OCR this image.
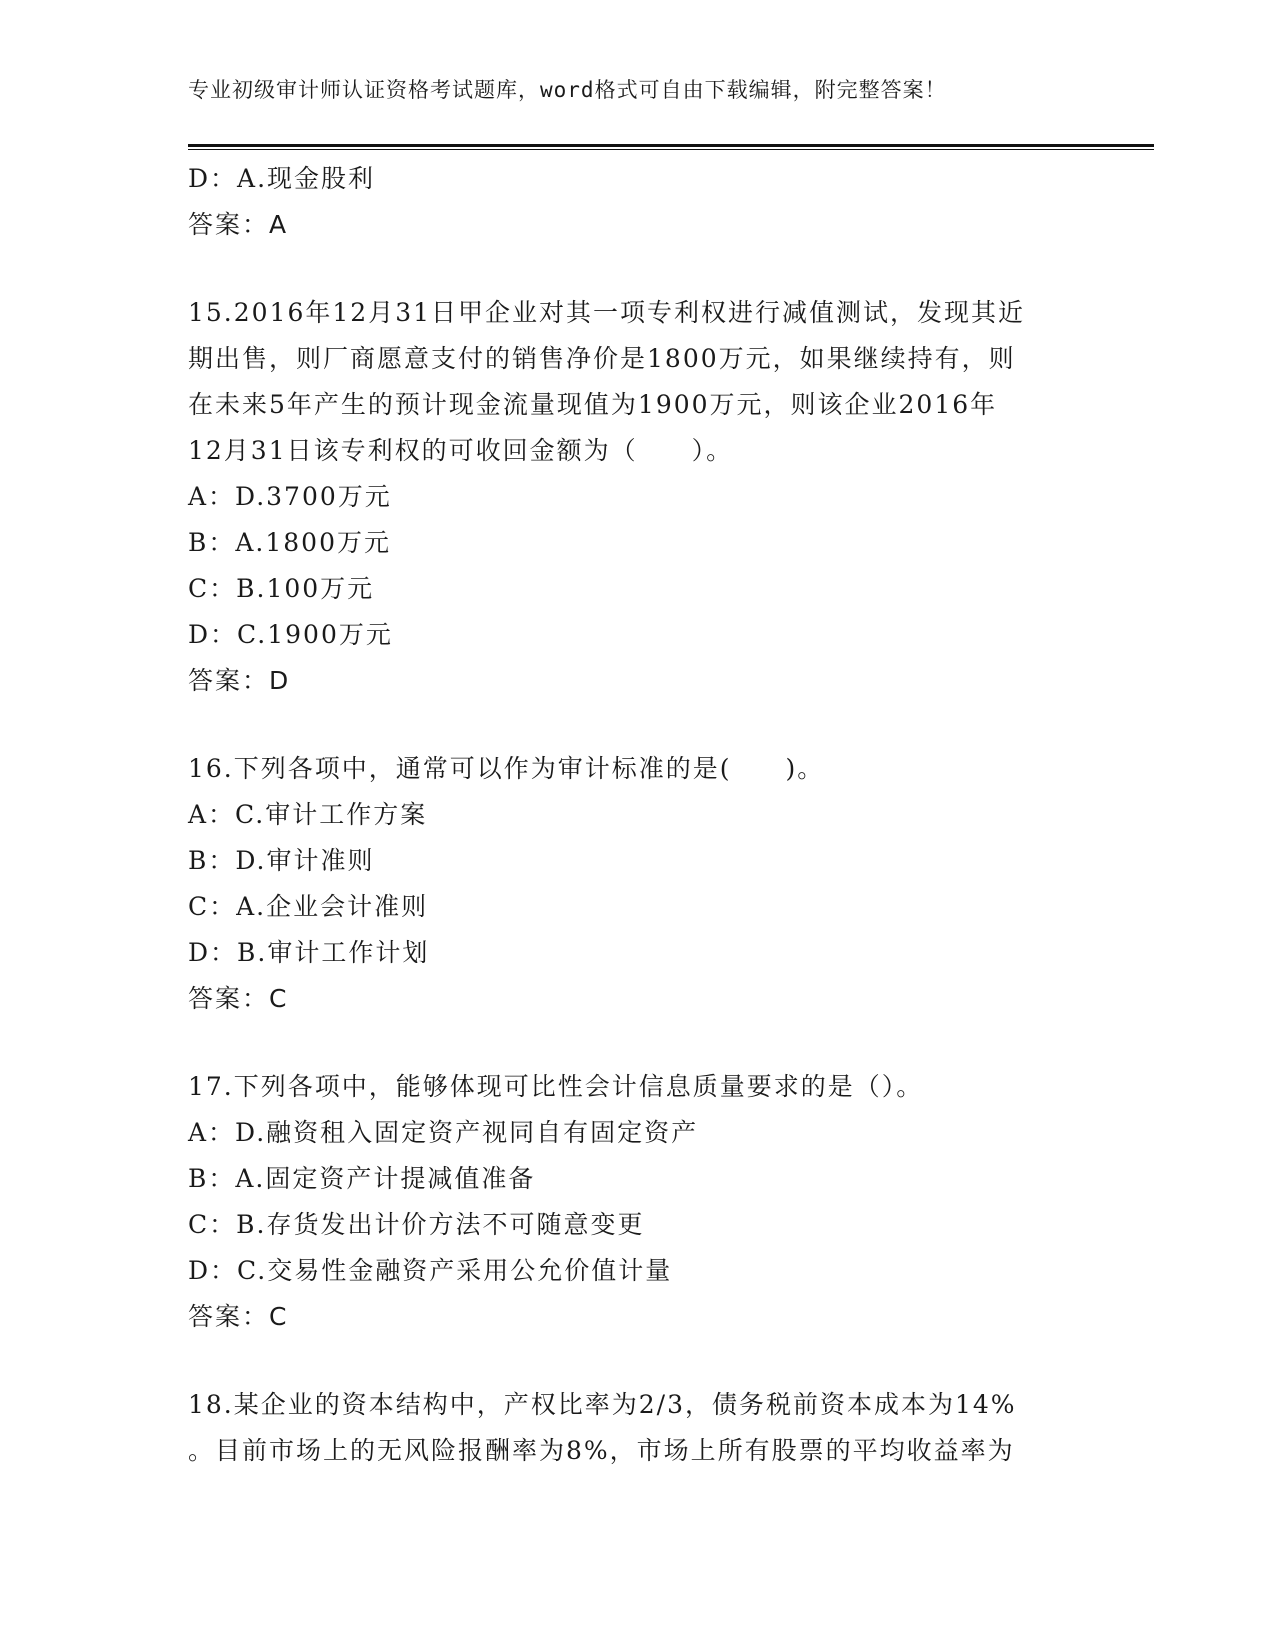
专业初级审计师认证资格考试题库，word格式可自由下载编辑，附完整答案！
D：A.现金股利
答案：A
15.2016年12月31日甲企业对其一项专利权进行减值测试，发现其近
期出售，则厂商愿意支付的销售净价是1800万元，如果继续持有，则
在未来5年产生的预计现金流量现值为1900万元，则该企业2016年
12月31日该专利权的可收回金额为（　　）。
A：D.3700万元
B：A.1800万元
C：B.100万元
D：C.1900万元
答案：D
16.下列各项中，通常可以作为审计标准的是(　　)。
A：C.审计工作方案
B：D.审计准则
C：A.企业会计准则
D：B.审计工作计划
答案：C
17.下列各项中，能够体现可比性会计信息质量要求的是（）。
A：D.融资租入固定资产视同自有固定资产
B：A.固定资产计提减值准备
C：B.存货发出计价方法不可随意变更
D：C.交易性金融资产采用公允价值计量
答案：C
18.某企业的资本结构中，产权比率为2/3，债务税前资本成本为14%
。目前市场上的无风险报酬率为8%，市场上所有股票的平均收益率为
